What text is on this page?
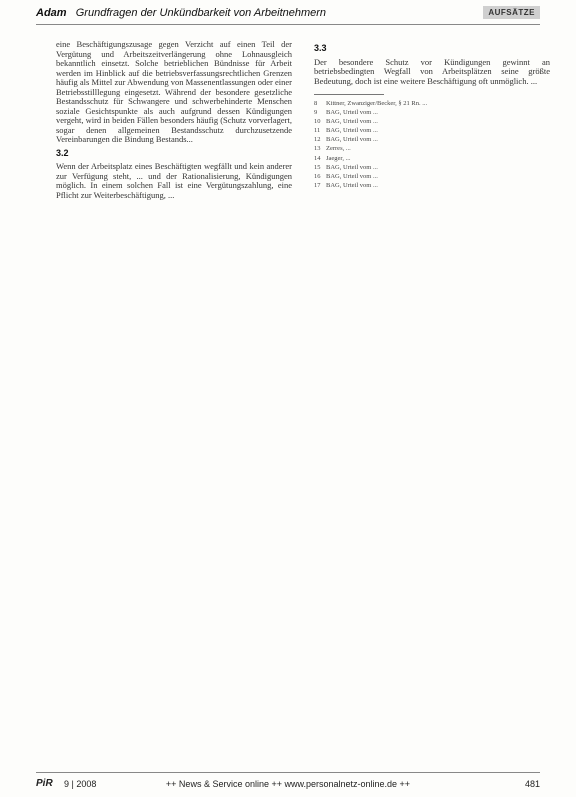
Adam Grundfragen der Unkündbarkeit von Arbeitnehmern	AUFSÄTZE

eine Beschäftigungszusage gegen Verzicht auf einen Teil der Vergütung und Arbeitszeitverlängerung ohne Lohnausgleich bekanntlich einsetzt. Solche betrieblichen Bündnisse für Arbeit werden im Hinblick auf die betriebsverfassungsrechtlichen Grenzen häufig als Mittel zur Abwendung von Massenentlassungen oder einer Betriebsstilllegung eingesetzt. Während der besondere gesetzliche Bestandsschutz für Schwangere und schwerbehinderte Menschen soziale Gesichtspunkte als auch aufgrund dessen Kündigungen vergeht, wird in beiden Fällen besonders häufig (Schutz vorverlagert, sogar denen allgemeinen Bestandsschutz durchzusetzende Vereinbarungen die Bindung Bestands...

3.2

Wenn der Arbeitsplatz eines Beschäftigten wegfällt und kein anderer zur Verfügung steht, ... und der Rationalisierung, Kündigungen möglich. In einem solchen Fall ist eine Vergütungszahlung, eine Pflicht zur Weiterbeschäftigung, ...

3.3

Der besondere Schutz vor Kündigungen gewinnt an betriebsbedingten Wegfall von Arbeitsplätzen seine größte Bedeutung, doch ist eine weitere Beschäftigung oft unmöglich. ...

8	Kittner, Zwanziger/Becker, § 21 Rn. ...
9	BAG, Urteil vom ...
10 BAG, Urteil vom ...
11 BAG, Urteil vom ...
12 BAG, Urteil vom ...
13 Zerres, ...
14 Jaeger, ...
15 BAG, Urteil vom ...
16 BAG, Urteil vom ...
17 BAG, Urteil vom ...
PiR 9 | 2008	++ News & Service online ++ www.personalnetz-online.de ++	481
